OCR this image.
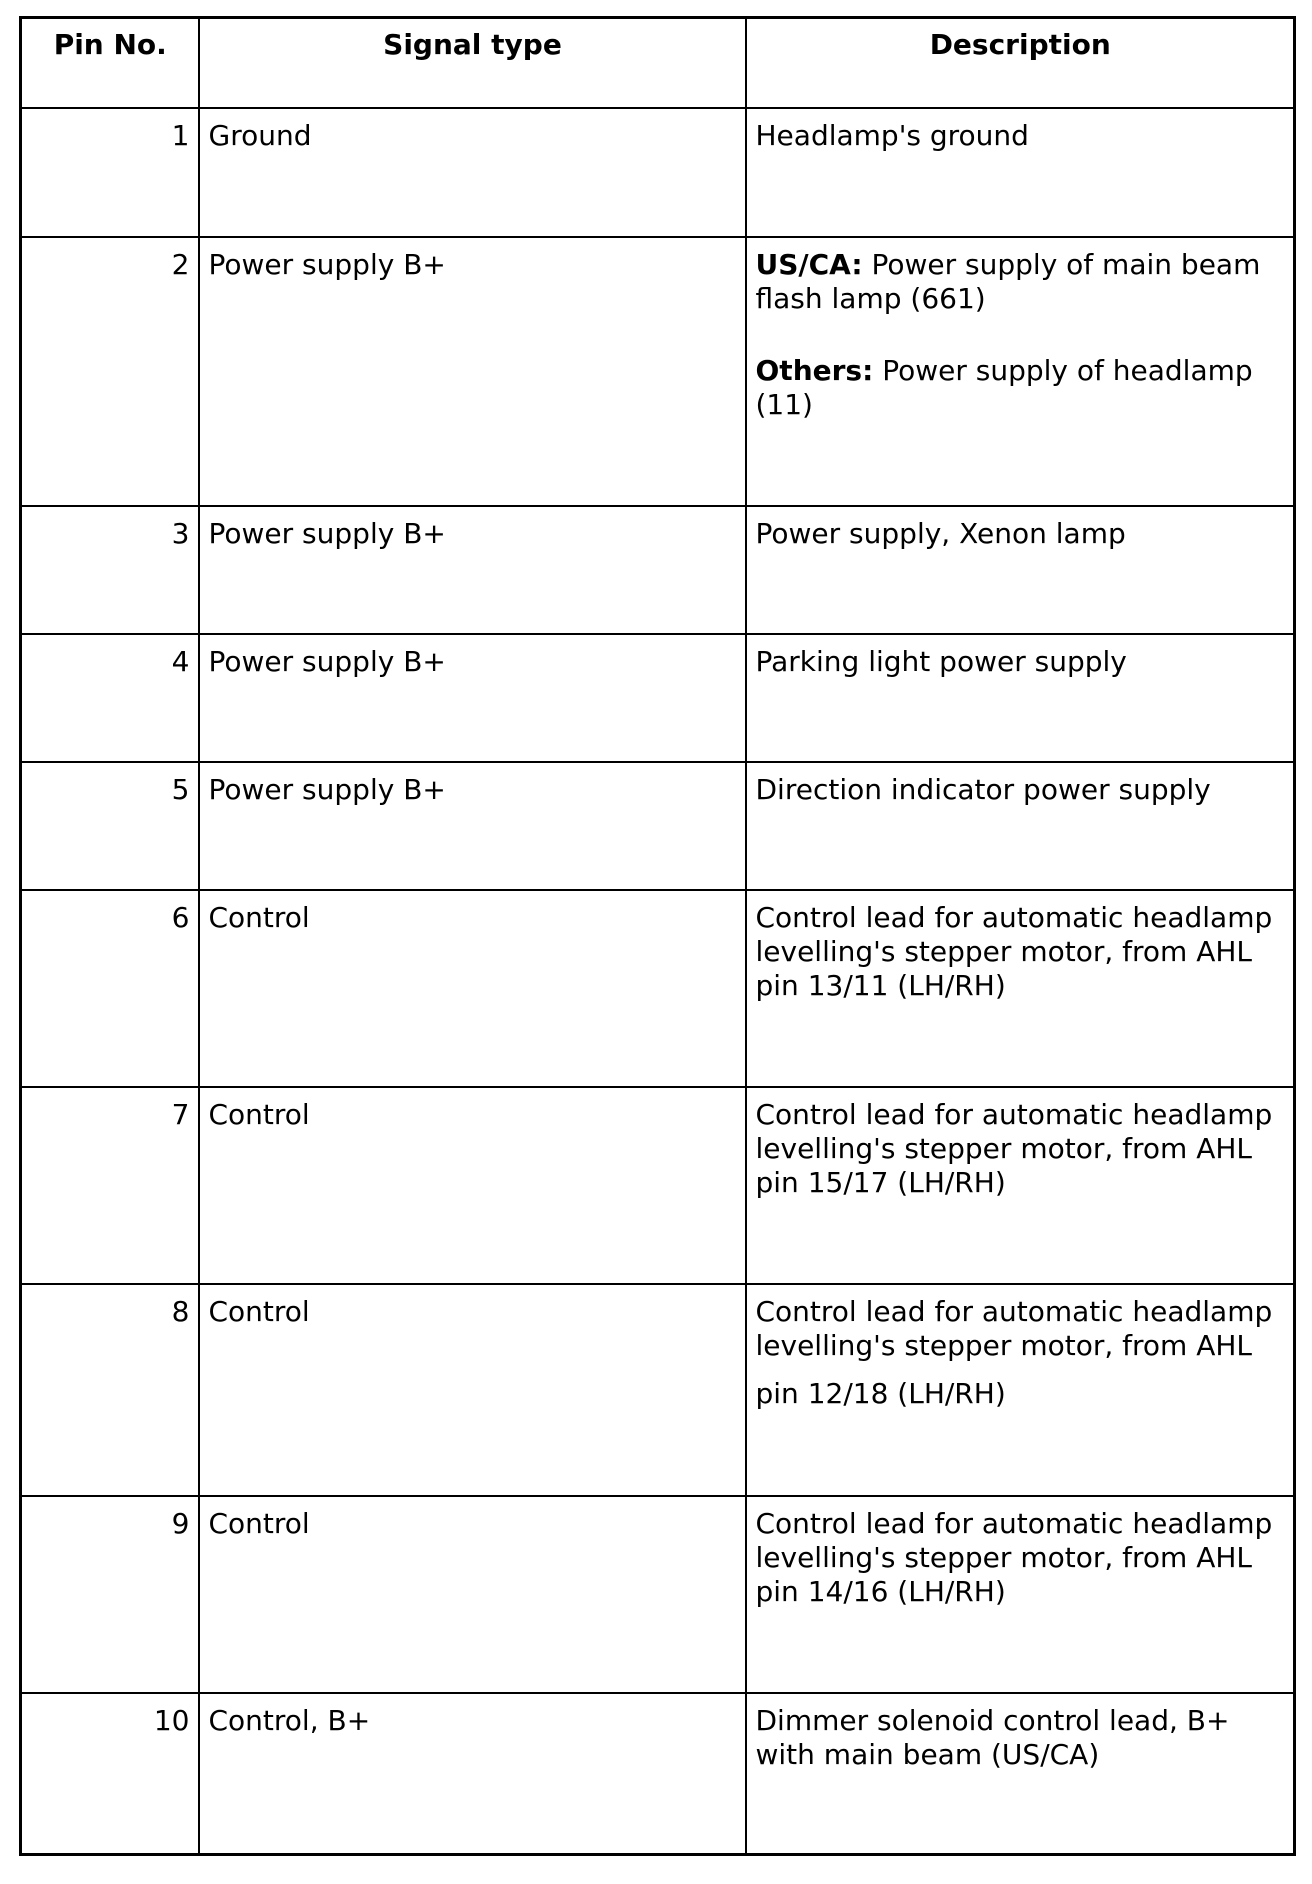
Pin No.	Signal type	Description
1	Ground	Headlamp's ground
2	Power supply B+	US/CA: Power supply of main beam flash lamp (661)

Others: Power supply of headlamp (11)

3	Power supply B+	Power supply, Xenon lamp
4	Power supply B+	Parking light power supply
5	Power supply B+	Direction indicator power supply
6	Control	Control lead for automatic headlamp levelling's stepper motor, from AHL pin 13/11 (LH/RH)
7	Control	Control lead for automatic headlamp levelling's stepper motor, from AHL pin 15/17 (LH/RH)
8	Control	Control lead for automatic headlamp levelling's stepper motor, from AHL
pin 12/18 (LH/RH)

9	Control	Control lead for automatic headlamp levelling's stepper motor, from AHL pin 14/16 (LH/RH)
10	Control, B+	Dimmer solenoid control lead, B+ with main beam (US/CA)
